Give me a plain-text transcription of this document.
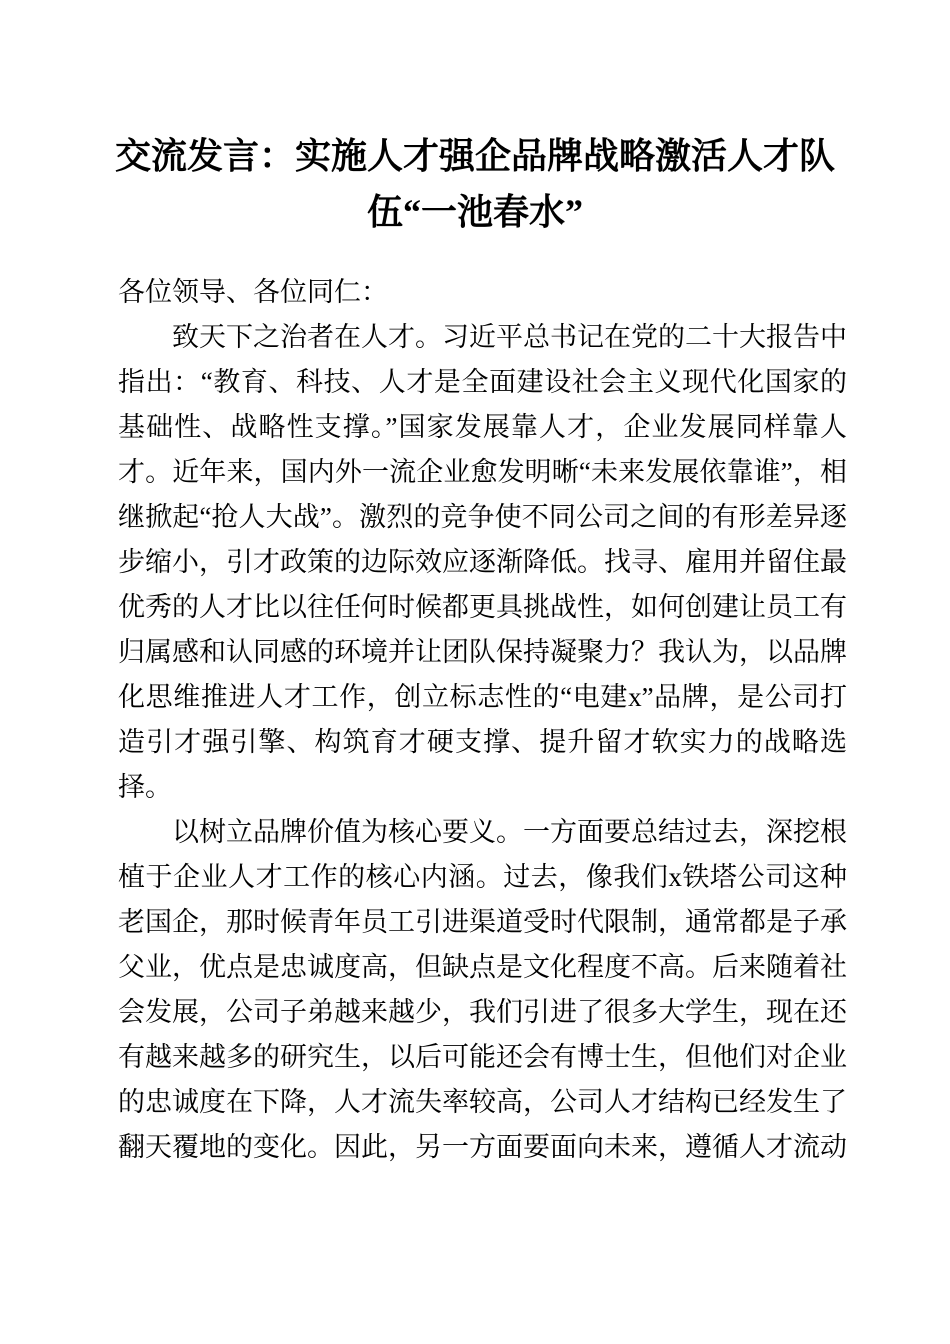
交流发言：实施人才强企品牌战略激活人才队伍“一池春水”

各位领导、各位同仁：

致天下之治者在人才。习近平总书记在党的二十大报告中指出：“教育、科技、人才是全面建设社会主义现代化国家的基础性、战略性支撑。”国家发展靠人才，企业发展同样靠人才。近年来，国内外一流企业愈发明晰“未来发展依靠谁”，相继掀起“抢人大战”。激烈的竞争使不同公司之间的有形差异逐步缩小，引才政策的边际效应逐渐降低。找寻、雇用并留住最优秀的人才比以往任何时候都更具挑战性，如何创建让员工有归属感和认同感的环境并让团队保持凝聚力？我认为，以品牌化思维推进人才工作，创立标志性的“电建x”品牌，是公司打造引才强引擎、构筑育才硬支撑、提升留才软实力的战略选择。

以树立品牌价值为核心要义。一方面要总结过去，深挖根植于企业人才工作的核心内涵。过去，像我们x铁塔公司这种老国企，那时候青年员工引进渠道受时代限制，通常都是子承父业，优点是忠诚度高，但缺点是文化程度不高。后来随着社会发展，公司子弟越来越少，我们引进了很多大学生，现在还有越来越多的研究生，以后可能还会有博士生，但他们对企业的忠诚度在下降，人才流失率较高，公司人才结构已经发生了翻天覆地的变化。因此，另一方面要面向未来，遵循人才流动
